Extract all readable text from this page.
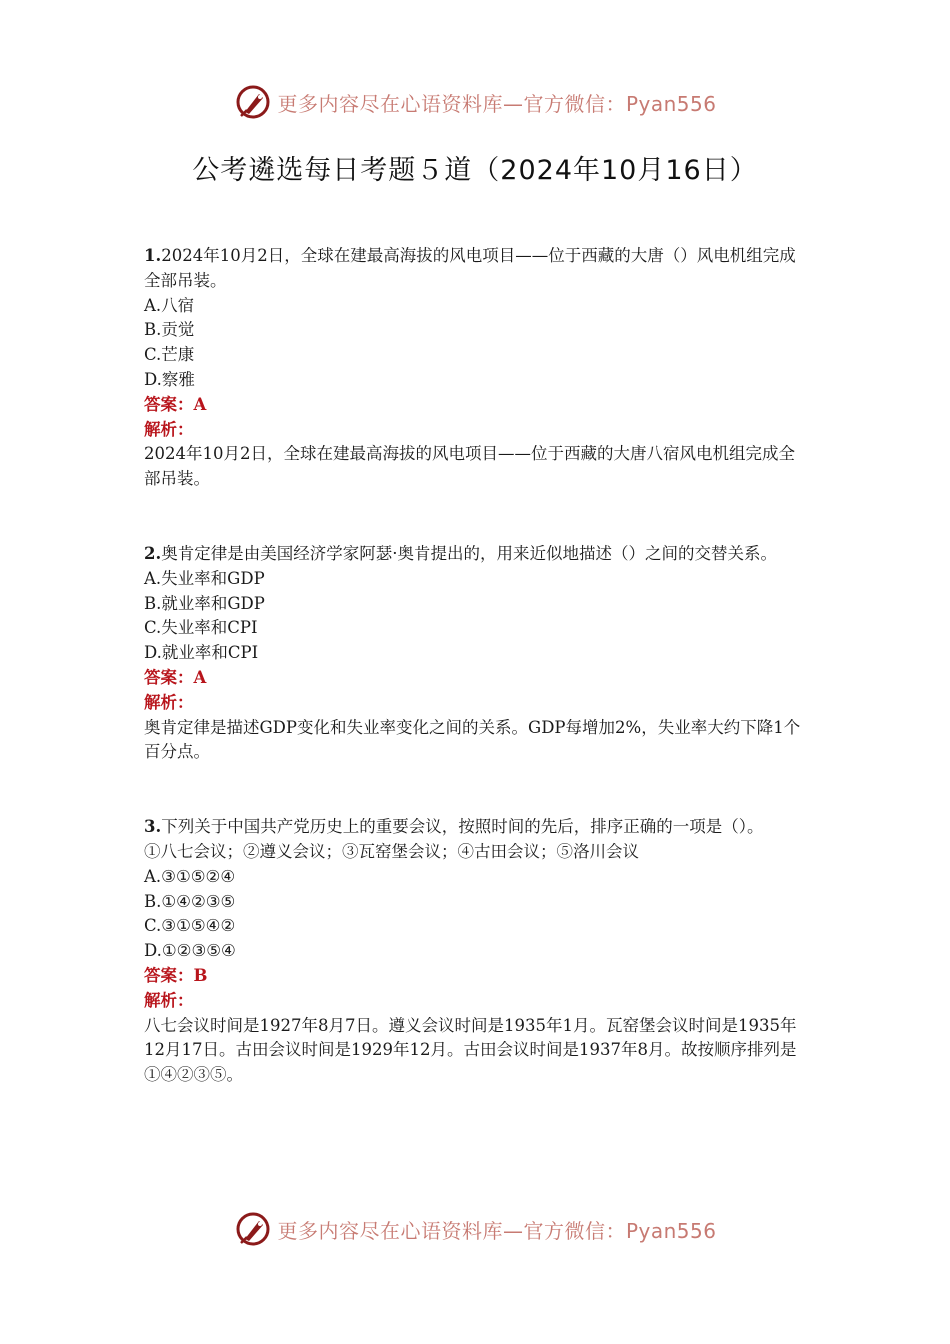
更多内容尽在心语资料库—官方微信：Pyan556
公考遴选每日考题５道（2024年10月16日）

1.2024年10月2日，全球在建最高海拔的风电项目——位于西藏的大唐（）风电机组完成全部吊装。

A.八宿

B.贡觉

C.芒康

D.察雅

答案：A

解析：

2024年10月2日，全球在建最高海拔的风电项目——位于西藏的大唐八宿风电机组完成全部吊装。

2.奥肯定律是由美国经济学家阿瑟·奥肯提出的，用来近似地描述（）之间的交替关系。

A.失业率和GDP

B.就业率和GDP

C.失业率和CPI

D.就业率和CPI

答案：A

解析：

奥肯定律是描述GDP变化和失业率变化之间的关系。GDP每增加2%，失业率大约下降1个百分点。

3.下列关于中国共产党历史上的重要会议，按照时间的先后，排序正确的一项是（）。

①八七会议；②遵义会议；③瓦窑堡会议；④古田会议；⑤洛川会议

A.③①⑤②④

B.①④②③⑤

C.③①⑤④②

D.①②③⑤④

答案：B

解析：

八七会议时间是1927年8月7日。遵义会议时间是1935年1月。瓦窑堡会议时间是1935年12月17日。古田会议时间是1929年12月。古田会议时间是1937年8月。故按顺序排列是①④②③⑤。

更多内容尽在心语资料库—官方微信：Pyan556
